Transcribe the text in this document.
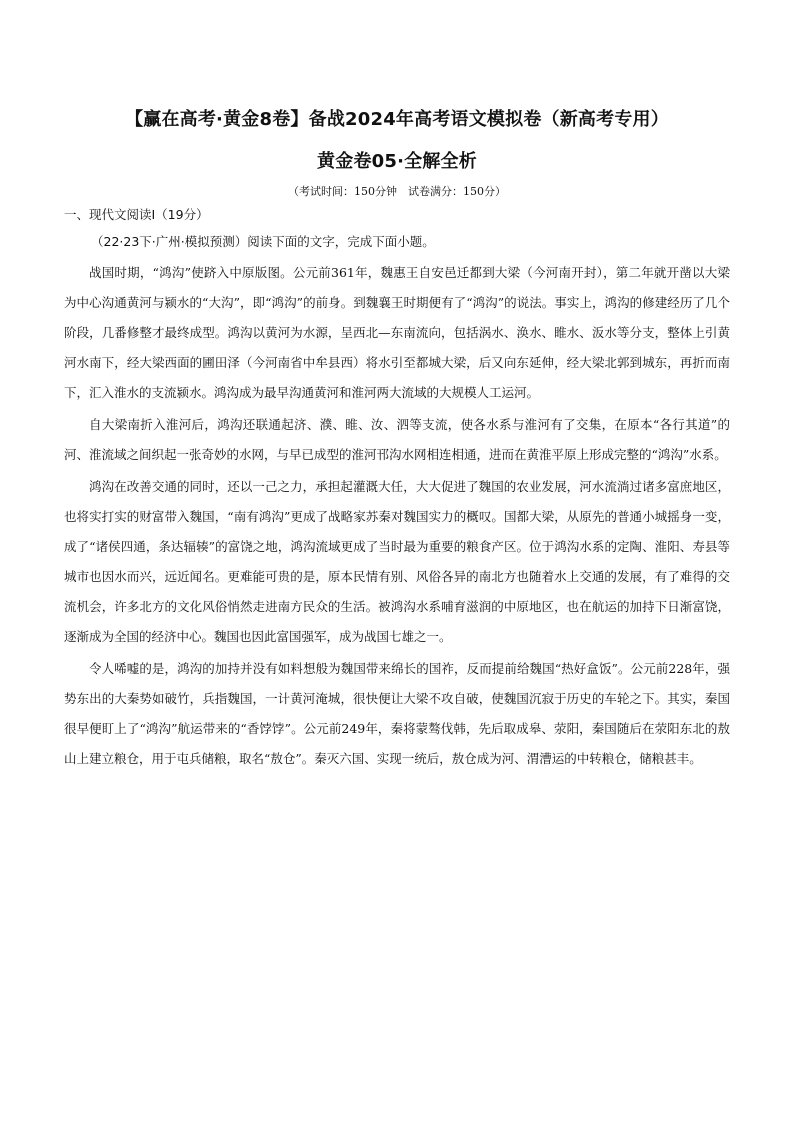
【赢在高考·黄金8卷】备战2024年高考语文模拟卷（新高考专用）
黄金卷05·全解全析
（考试时间：150分钟　试卷满分：150分）
一、现代文阅读Ⅰ（19分）
（22·23下·广州·模拟预测）阅读下面的文字，完成下面小题。

战国时期，“鸿沟”使跻入中原版图。公元前361年，魏惠王自安邑迁都到大梁（今河南开封），第二年就开凿以大梁为中心沟通黄河与颍水的“大沟”，即“鸿沟”的前身。到魏襄王时期便有了“鸿沟”的说法。事实上，鸿沟的修建经历了几个阶段，几番修整才最终成型。鸿沟以黄河为水源，呈西北—东南流向，包括涡水、涣水、睢水、汳水等分支，整体上引黄河水南下，经大梁西面的圃田泽（今河南省中牟县西）将水引至都城大梁，后又向东延伸，经大梁北郭到城东，再折而南下，汇入淮水的支流颍水。鸿沟成为最早沟通黄河和淮河两大流域的大规模人工运河。

自大梁南折入淮河后，鸿沟还联通起济、濮、睢、汝、泗等支流，使各水系与淮河有了交集，在原本“各行其道”的河、淮流域之间织起一张奇妙的水网，与早已成型的淮河邗沟水网相连相通，进而在黄淮平原上形成完整的“鸿沟”水系。

鸿沟在改善交通的同时，还以一己之力，承担起灌溉大任，大大促进了魏国的农业发展，河水流淌过诸多富庶地区，也将实打实的财富带入魏国，“南有鸿沟”更成了战略家苏秦对魏国实力的概叹。国都大梁，从原先的普通小城摇身一变，成了“诸侯四通，条达辐辏”的富饶之地，鸿沟流域更成了当时最为重要的粮食产区。位于鸿沟水系的定陶、淮阳、寿县等城市也因水而兴，远近闻名。更难能可贵的是，原本民情有别、风俗各异的南北方也随着水上交通的发展，有了难得的交流机会，许多北方的文化风俗悄然走进南方民众的生活。被鸿沟水系哺育滋润的中原地区，也在航运的加持下日渐富饶，逐渐成为全国的经济中心。魏国也因此富国强军，成为战国七雄之一。

令人唏嘘的是，鸿沟的加持并没有如料想般为魏国带来绵长的国祚，反而提前给魏国“热好盒饭”。公元前228年，强势东出的大秦势如破竹，兵指魏国，一计黄河淹城，很快便让大梁不攻自破，使魏国沉寂于历史的车轮之下。其实，秦国很早便盯上了“鸿沟”航运带来的“香饽饽”。公元前249年，秦将蒙骜伐韩，先后取成皋、荥阳，秦国随后在荥阳东北的敖山上建立粮仓，用于屯兵储粮，取名“敖仓”。秦灭六国、实现一统后，敖仓成为河、渭漕运的中转粮仓，储粮甚丰。
